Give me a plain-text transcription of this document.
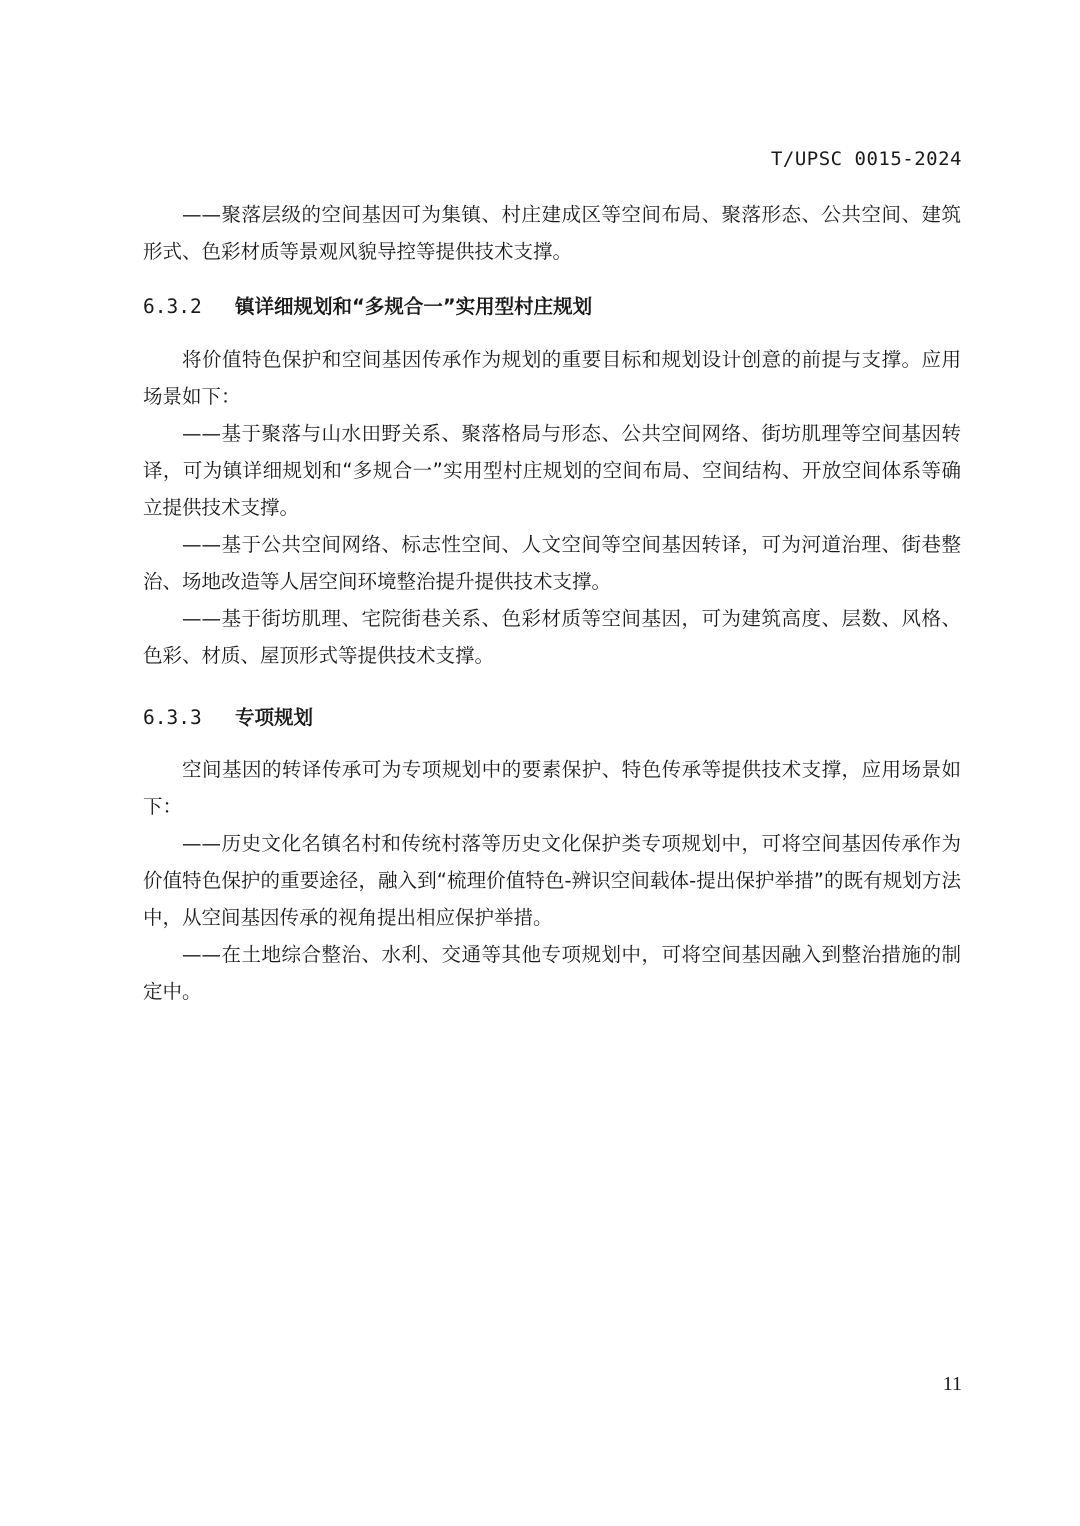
T/UPSC 0015-2024

——聚落层级的空间基因可为集镇、村庄建成区等空间布局、聚落形态、公共空间、建筑形式、色彩材质等景观风貌导控等提供技术支撑。

6.3.2 镇详细规划和“多规合一”实用型村庄规划

将价值特色保护和空间基因传承作为规划的重要目标和规划设计创意的前提与支撑。应用场景如下：

——基于聚落与山水田野关系、聚落格局与形态、公共空间网络、街坊肌理等空间基因转译，可为镇详细规划和“多规合一”实用型村庄规划的空间布局、空间结构、开放空间体系等确立提供技术支撑。

——基于公共空间网络、标志性空间、人文空间等空间基因转译，可为河道治理、街巷整治、场地改造等人居空间环境整治提升提供技术支撑。

——基于街坊肌理、宅院街巷关系、色彩材质等空间基因，可为建筑高度、层数、风格、色彩、材质、屋顶形式等提供技术支撑。

6.3.3 专项规划

空间基因的转译传承可为专项规划中的要素保护、特色传承等提供技术支撑，应用场景如下：

——历史文化名镇名村和传统村落等历史文化保护类专项规划中，可将空间基因传承作为价值特色保护的重要途径，融入到“梳理价值特色-辨识空间载体-提出保护举措”的既有规划方法中，从空间基因传承的视角提出相应保护举措。

——在土地综合整治、水利、交通等其他专项规划中，可将空间基因融入到整治措施的制定中。

11
